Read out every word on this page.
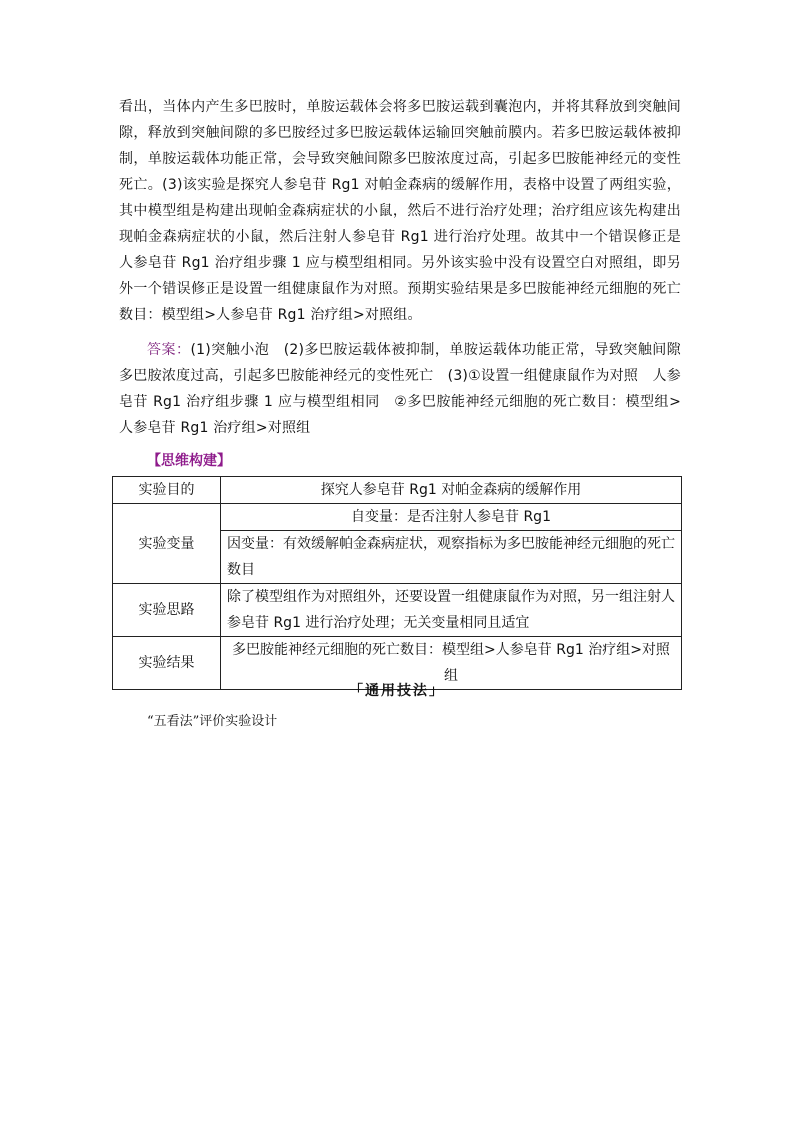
看出，当体内产生多巴胺时，单胺运载体会将多巴胺运载到囊泡内，并将其释放到突触间隙，释放到突触间隙的多巴胺经过多巴胺运载体运输回突触前膜内。若多巴胺运载体被抑制，单胺运载体功能正常，会导致突触间隙多巴胺浓度过高，引起多巴胺能神经元的变性死亡。(3)该实验是探究人参皂苷 Rg1 对帕金森病的缓解作用，表格中设置了两组实验，其中模型组是构建出现帕金森病症状的小鼠，然后不进行治疗处理；治疗组应该先构建出现帕金森病症状的小鼠，然后注射人参皂苷 Rg1 进行治疗处理。故其中一个错误修正是人参皂苷 Rg1 治疗组步骤 1 应与模型组相同。另外该实验中没有设置空白对照组，即另外一个错误修正是设置一组健康鼠作为对照。预期实验结果是多巴胺能神经元细胞的死亡数目：模型组>人参皂苷 Rg1 治疗组>对照组。

答案：(1)突触小泡　(2)多巴胺运载体被抑制，单胺运载体功能正常，导致突触间隙多巴胺浓度过高，引起多巴胺能神经元的变性死亡　(3)①设置一组健康鼠作为对照　人参皂苷 Rg1 治疗组步骤 1 应与模型组相同　②多巴胺能神经元细胞的死亡数目：模型组>人参皂苷 Rg1 治疗组>对照组

【思维构建】

实验目的	探究人参皂苷 Rg1 对帕金森病的缓解作用
实验变量	自变量：是否注射人参皂苷 Rg1
	因变量：有效缓解帕金森病症状，观察指标为多巴胺能神经元细胞的死亡数目
实验思路	除了模型组作为对照组外，还要设置一组健康鼠作为对照，另一组注射人参皂苷 Rg1 进行治疗处理；无关变量相同且适宜
实验结果	多巴胺能神经元细胞的死亡数目：模型组>人参皂苷 Rg1 治疗组>对照组

「通用技法」

“五看法”评价实验设计
